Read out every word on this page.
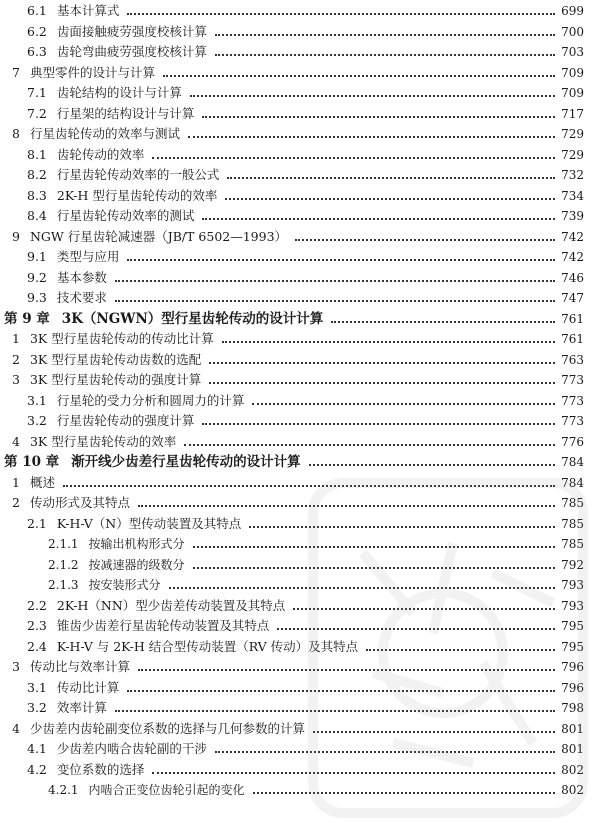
6.1 基本计算式	699
6.2 齿面接触疲劳强度校核计算	700
6.3 齿轮弯曲疲劳强度校核计算	703
7 典型零件的设计与计算	709
7.1 齿轮结构的设计与计算	709
7.2 行星架的结构设计与计算	717
8 行星齿轮传动的效率与测试	729
8.1 齿轮传动的效率	729
8.2 行星齿轮传动效率的一般公式	732
8.3 2K-H 型行星齿轮传动的效率	734
8.4 行星齿轮传动效率的测试	739
9 NGW 行星齿轮减速器（JB/T 6502—1993）	742
9.1 类型与应用	742
9.2 基本参数	746
9.3 技术要求	747
第 9 章 3K（NGWN）型行星齿轮传动的设计计算	761
1 3K 型行星齿轮传动的传动比计算	761
2 3K 型行星齿轮传动齿数的选配	763
3 3K 型行星齿轮传动的强度计算	773
3.1 行星轮的受力分析和圆周力的计算	773
3.2 行星齿轮传动的强度计算	773
4 3K 型行星齿轮传动的效率	776
第 10 章 渐开线少齿差行星齿轮传动的设计计算	784
1 概述	784
2 传动形式及其特点	785
2.1 K-H-V（N）型传动装置及其特点	785
2.1.1 按输出机构形式分	785
2.1.2 按减速器的级数分	792
2.1.3 按安装形式分	793
2.2 2K-H（NN）型少齿差传动装置及其特点	793
2.3 锥齿少齿差行星齿轮传动装置及其特点	795
2.4 K-H-V 与 2K-H 结合型传动装置（RV 传动）及其特点	795
3 传动比与效率计算	796
3.1 传动比计算	796
3.2 效率计算	798
4 少齿差内齿轮副变位系数的选择与几何参数的计算	801
4.1 少齿差内啮合齿轮副的干涉	801
4.2 变位系数的选择	802
4.2.1 内啮合正变位齿轮引起的变化	802
